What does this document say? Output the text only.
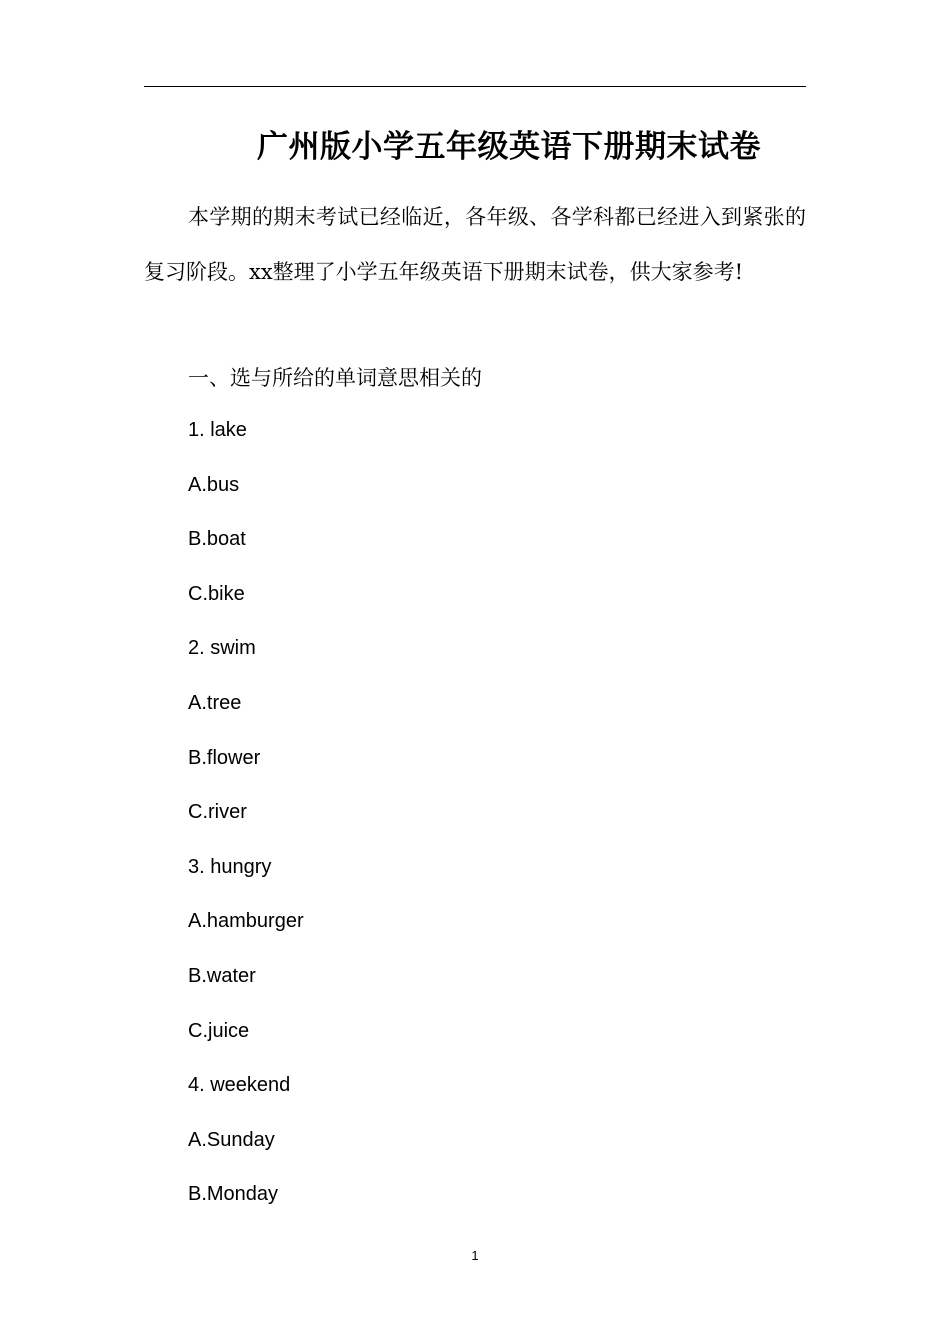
广州版小学五年级英语下册期末试卷

本学期的期末考试已经临近，各年级、各学科都已经进入到紧张的复习阶段。xx整理了小学五年级英语下册期末试卷，供大家参考!

一、选与所给的单词意思相关的

1. lake
A.bus
B.boat
C.bike
2. swim
A.tree
B.flower
C.river
3. hungry
A.hamburger
B.water
C.juice
4. weekend
A.Sunday
B.Monday
1
